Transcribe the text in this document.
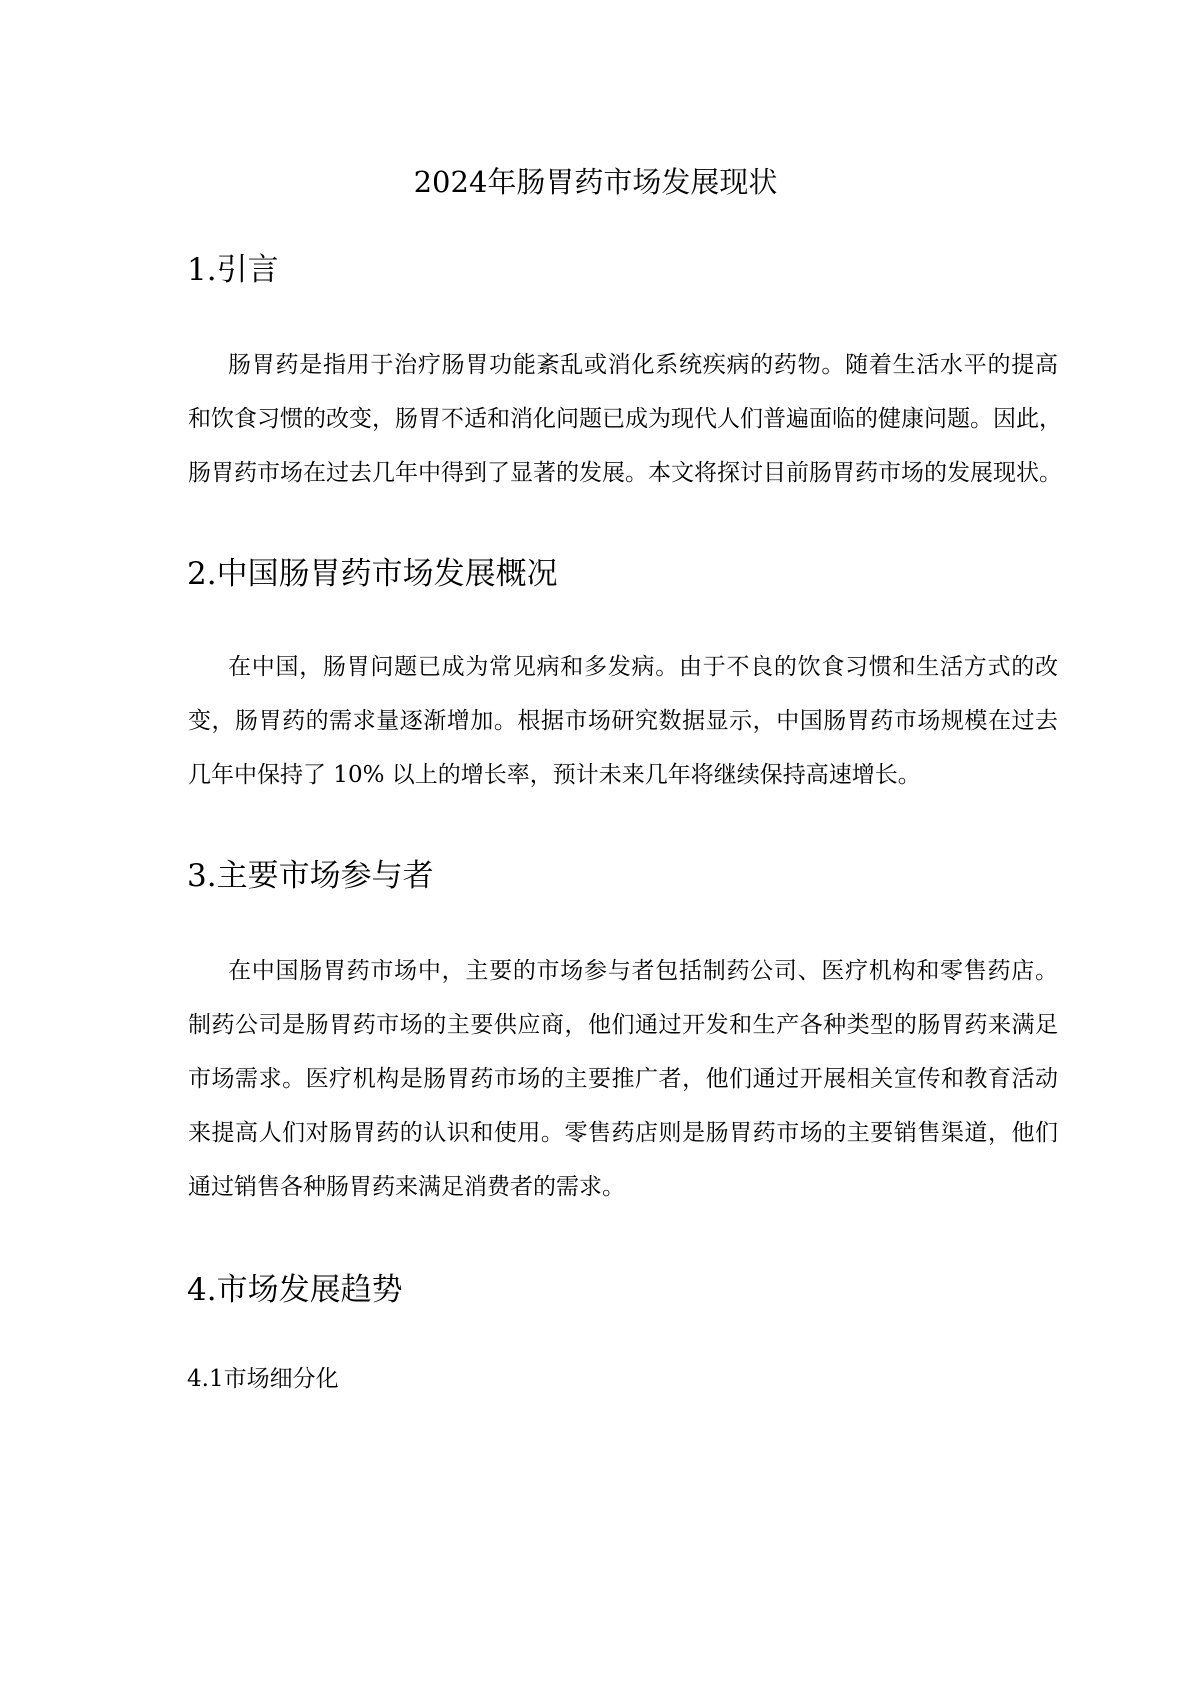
2024年肠胃药市场发展现状
1.引言
肠胃药是指用于治疗肠胃功能紊乱或消化系统疾病的药物。随着生活水平的提高
和饮食习惯的改变，肠胃不适和消化问题已成为现代人们普遍面临的健康问题。因此，
肠胃药市场在过去几年中得到了显著的发展。本文将探讨目前肠胃药市场的发展现状。
2.中国肠胃药市场发展概况
在中国，肠胃问题已成为常见病和多发病。由于不良的饮食习惯和生活方式的改
变，肠胃药的需求量逐渐增加。根据市场研究数据显示，中国肠胃药市场规模在过去
几年中保持了 10% 以上的增长率，预计未来几年将继续保持高速增长。
3.主要市场参与者
在中国肠胃药市场中，主要的市场参与者包括制药公司、医疗机构和零售药店。
制药公司是肠胃药市场的主要供应商，他们通过开发和生产各种类型的肠胃药来满足
市场需求。医疗机构是肠胃药市场的主要推广者，他们通过开展相关宣传和教育活动
来提高人们对肠胃药的认识和使用。零售药店则是肠胃药市场的主要销售渠道，他们
通过销售各种肠胃药来满足消费者的需求。
4.市场发展趋势
4.1市场细分化
